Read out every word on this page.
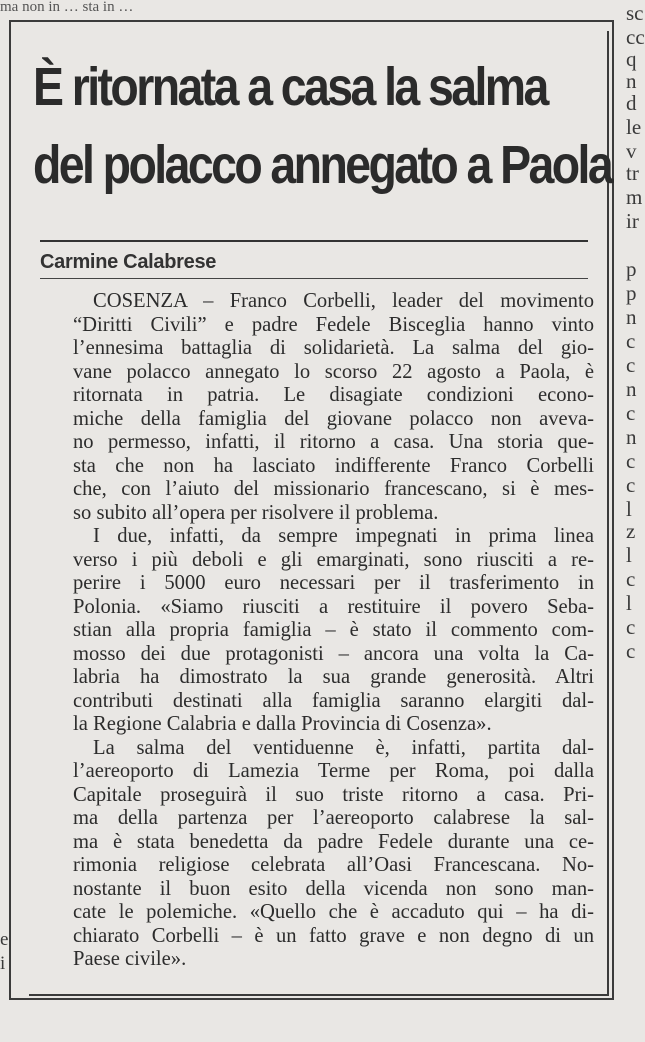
ma non in … sta in …	sc
cc
q
n
d
le
v
tr
m
ir
p
p
n
c
c
n
c
n
c
c
l
z
l
c
l
c
c
e
i
È ritornata a casa la salma
del polacco annegato a Paola

Carmine Calabrese

COSENZA – Franco Corbelli, leader del movimento
“Diritti Civili” e padre Fedele Bisceglia hanno vinto
l’ennesima battaglia di solidarietà. La salma del gio-
vane polacco annegato lo scorso 22 agosto a Paola, è
ritornata in patria. Le disagiate condizioni econo-
miche della famiglia del giovane polacco non aveva-
no permesso, infatti, il ritorno a casa. Una storia que-
sta che non ha lasciato indifferente Franco Corbelli
che, con l’aiuto del missionario francescano, si è mes-
so subito all’opera per risolvere il problema.

I due, infatti, da sempre impegnati in prima linea
verso i più deboli e gli emarginati, sono riusciti a re-
perire i 5000 euro necessari per il trasferimento in
Polonia. «Siamo riusciti a restituire il povero Seba-
stian alla propria famiglia – è stato il commento com-
mosso dei due protagonisti – ancora una volta la Ca-
labria ha dimostrato la sua grande generosità. Altri
contributi destinati alla famiglia saranno elargiti dal-
la Regione Calabria e dalla Provincia di Cosenza».

La salma del ventiduenne è, infatti, partita dal-
l’aereoporto di Lamezia Terme per Roma, poi dalla
Capitale proseguirà il suo triste ritorno a casa. Pri-
ma della partenza per l’aereoporto calabrese la sal-
ma è stata benedetta da padre Fedele durante una ce-
rimonia religiose celebrata all’Oasi Francescana. No-
nostante il buon esito della vicenda non sono man-
cate le polemiche. «Quello che è accaduto qui – ha di-
chiarato Corbelli – è un fatto grave e non degno di un
Paese civile».
